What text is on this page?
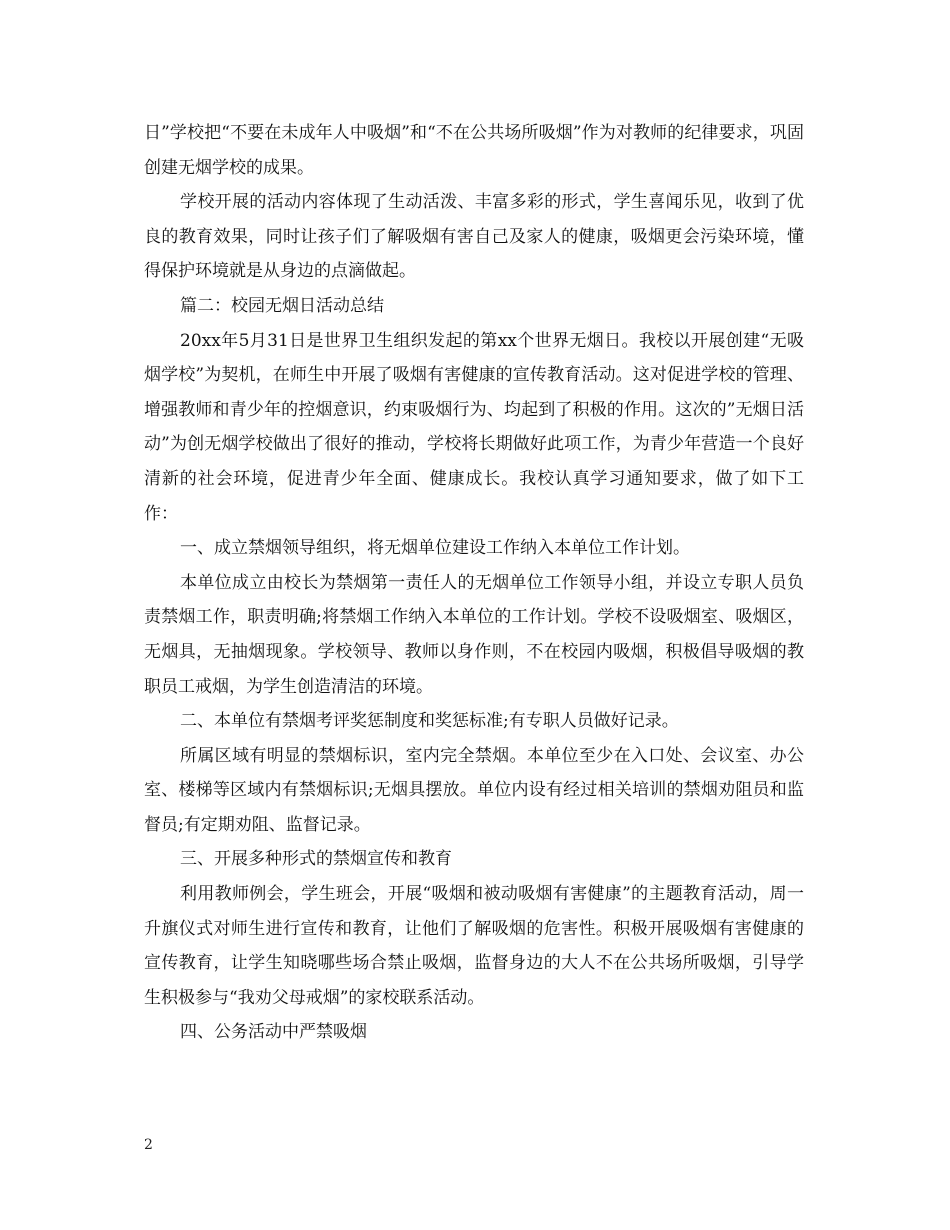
日”学校把“不要在未成年人中吸烟”和“不在公共场所吸烟”作为对教师的纪律要求，巩固创建无烟学校的成果。

学校开展的活动内容体现了生动活泼、丰富多彩的形式，学生喜闻乐见，收到了优良的教育效果，同时让孩子们了解吸烟有害自己及家人的健康，吸烟更会污染环境，懂得保护环境就是从身边的点滴做起。

篇二：校园无烟日活动总结

20xx年5月31日是世界卫生组织发起的第xx个世界无烟日。我校以开展创建“无吸烟学校”为契机，在师生中开展了吸烟有害健康的宣传教育活动。这对促进学校的管理、增强教师和青少年的控烟意识，约束吸烟行为、均起到了积极的作用。这次的”无烟日活动”为创无烟学校做出了很好的推动，学校将长期做好此项工作，为青少年营造一个良好清新的社会环境，促进青少年全面、健康成长。我校认真学习通知要求，做了如下工作：

一、成立禁烟领导组织，将无烟单位建设工作纳入本单位工作计划。

本单位成立由校长为禁烟第一责任人的无烟单位工作领导小组，并设立专职人员负责禁烟工作，职责明确;将禁烟工作纳入本单位的工作计划。学校不设吸烟室、吸烟区，无烟具，无抽烟现象。学校领导、教师以身作则，不在校园内吸烟，积极倡导吸烟的教职员工戒烟，为学生创造清洁的环境。

二、本单位有禁烟考评奖惩制度和奖惩标准;有专职人员做好记录。

所属区域有明显的禁烟标识，室内完全禁烟。本单位至少在入口处、会议室、办公室、楼梯等区域内有禁烟标识;无烟具摆放。单位内设有经过相关培训的禁烟劝阻员和监督员;有定期劝阻、监督记录。

三、开展多种形式的禁烟宣传和教育

利用教师例会，学生班会，开展“吸烟和被动吸烟有害健康”的主题教育活动，周一升旗仪式对师生进行宣传和教育，让他们了解吸烟的危害性。积极开展吸烟有害健康的宣传教育，让学生知晓哪些场合禁止吸烟，监督身边的大人不在公共场所吸烟，引导学生积极参与“我劝父母戒烟”的家校联系活动。

四、公务活动中严禁吸烟

2
